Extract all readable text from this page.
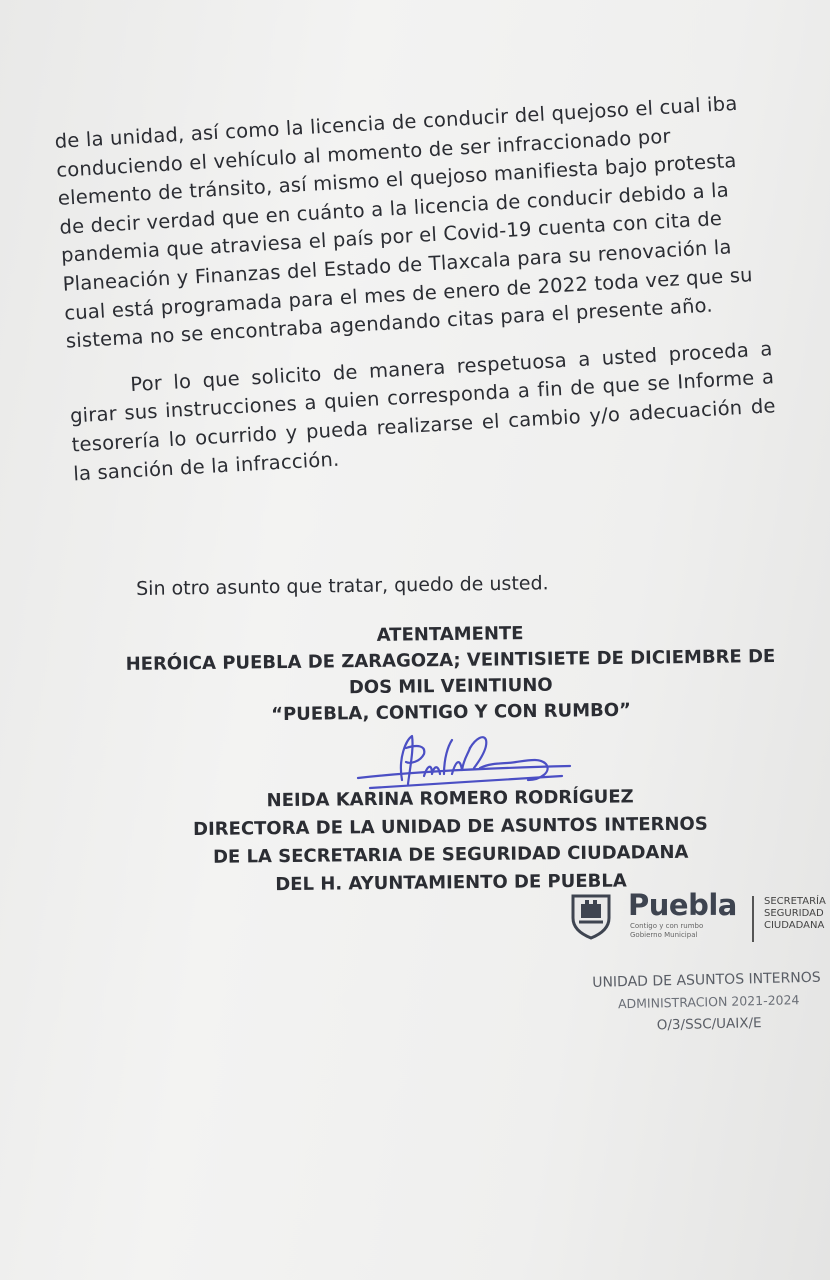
de la unidad, así como la licencia de conducir del quejoso el cual iba conduciendo el vehículo al momento de ser infraccionado por elemento de tránsito, así mismo el quejoso manifiesta bajo protesta de decir verdad que en cuánto a la licencia de conducir debido a la pandemia que atraviesa el país por el Covid-19 cuenta con cita de Planeación y Finanzas del Estado de Tlaxcala para su renovación la cual está programada para el mes de enero de 2022 toda vez que su sistema no se encontraba agendando citas para el presente año.

Por lo que solicito de manera respetuosa a usted proceda a girar sus instrucciones a quien corresponda a fin de que se Informe a tesorería lo ocurrido y pueda realizarse el cambio y/o adecuación de la sanción de la infracción.

Sin otro asunto que tratar, quedo de usted.
ATENTAMENTE
HERÓICA PUEBLA DE ZARAGOZA; VEINTISIETE DE DICIEMBRE DE
DOS MIL VEINTIUNO
“PUEBLA, CONTIGO Y CON RUMBO”
NEIDA KARINA ROMERO RODRÍGUEZ
DIRECTORA DE LA UNIDAD DE ASUNTOS INTERNOS
DE LA SECRETARIA DE SEGURIDAD CIUDADANA
DEL H. AYUNTAMIENTO DE PUEBLA
Puebla
Contigo y con rumbo
Gobierno Municipal
SECRETARÍA
SEGURIDAD
CIUDADANA
UNIDAD DE ASUNTOS INTERNOS
ADMINISTRACION 2021-2024
O/3/SSC/UAIX/E
